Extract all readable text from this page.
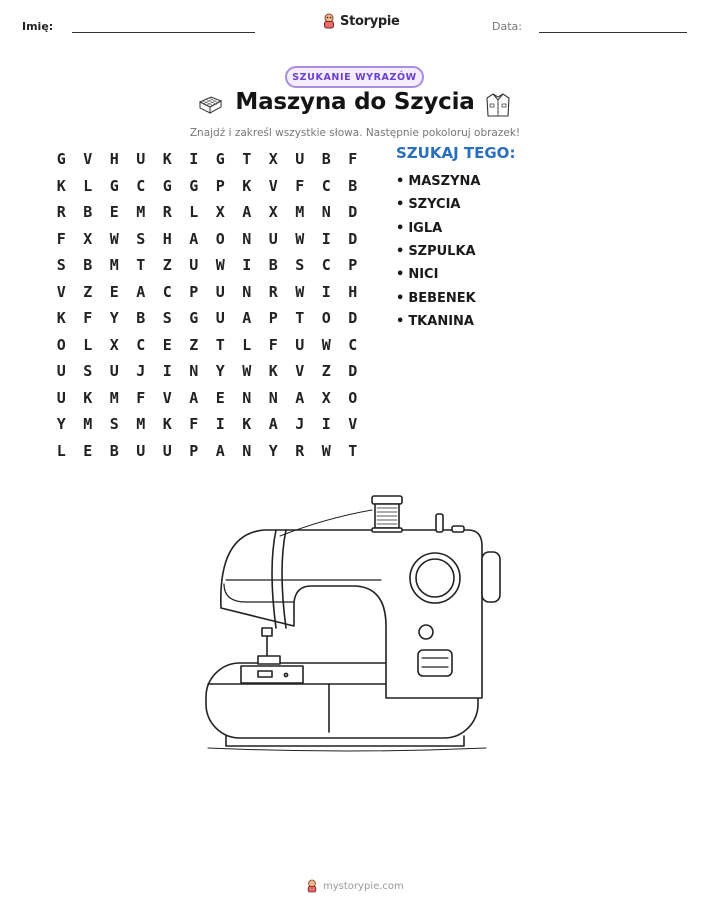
Imię:	Storypie	Data:
SZUKANIE WYRAZÓW
Maszyna do Szycia
Znajdź i zakreśl wszystkie słowa. Następnie pokoloruj obrazek!
G	V	H	U	K	I	G	T	X	U	B	F
K	L	G	C	G	G	P	K	V	F	C	B
R	B	E	M	R	L	X	A	X	M	N	D
F	X	W	S	H	A	O	N	U	W	I	D
S	B	M	T	Z	U	W	I	B	S	C	P
V	Z	E	A	C	P	U	N	R	W	I	H
K	F	Y	B	S	G	U	A	P	T	O	D
O	L	X	C	E	Z	T	L	F	U	W	C
U	S	U	J	I	N	Y	W	K	V	Z	D
U	K	M	F	V	A	E	N	N	A	X	O
Y	M	S	M	K	F	I	K	A	J	I	V
L	E	B	U	U	P	A	N	Y	R	W	T
SZUKAJ TEGO:
• MASZYNA
• SZYCIA
• IGLA
• SZPULKA
• NICI
• BEBENEK
• TKANINA
mystorypie.com
